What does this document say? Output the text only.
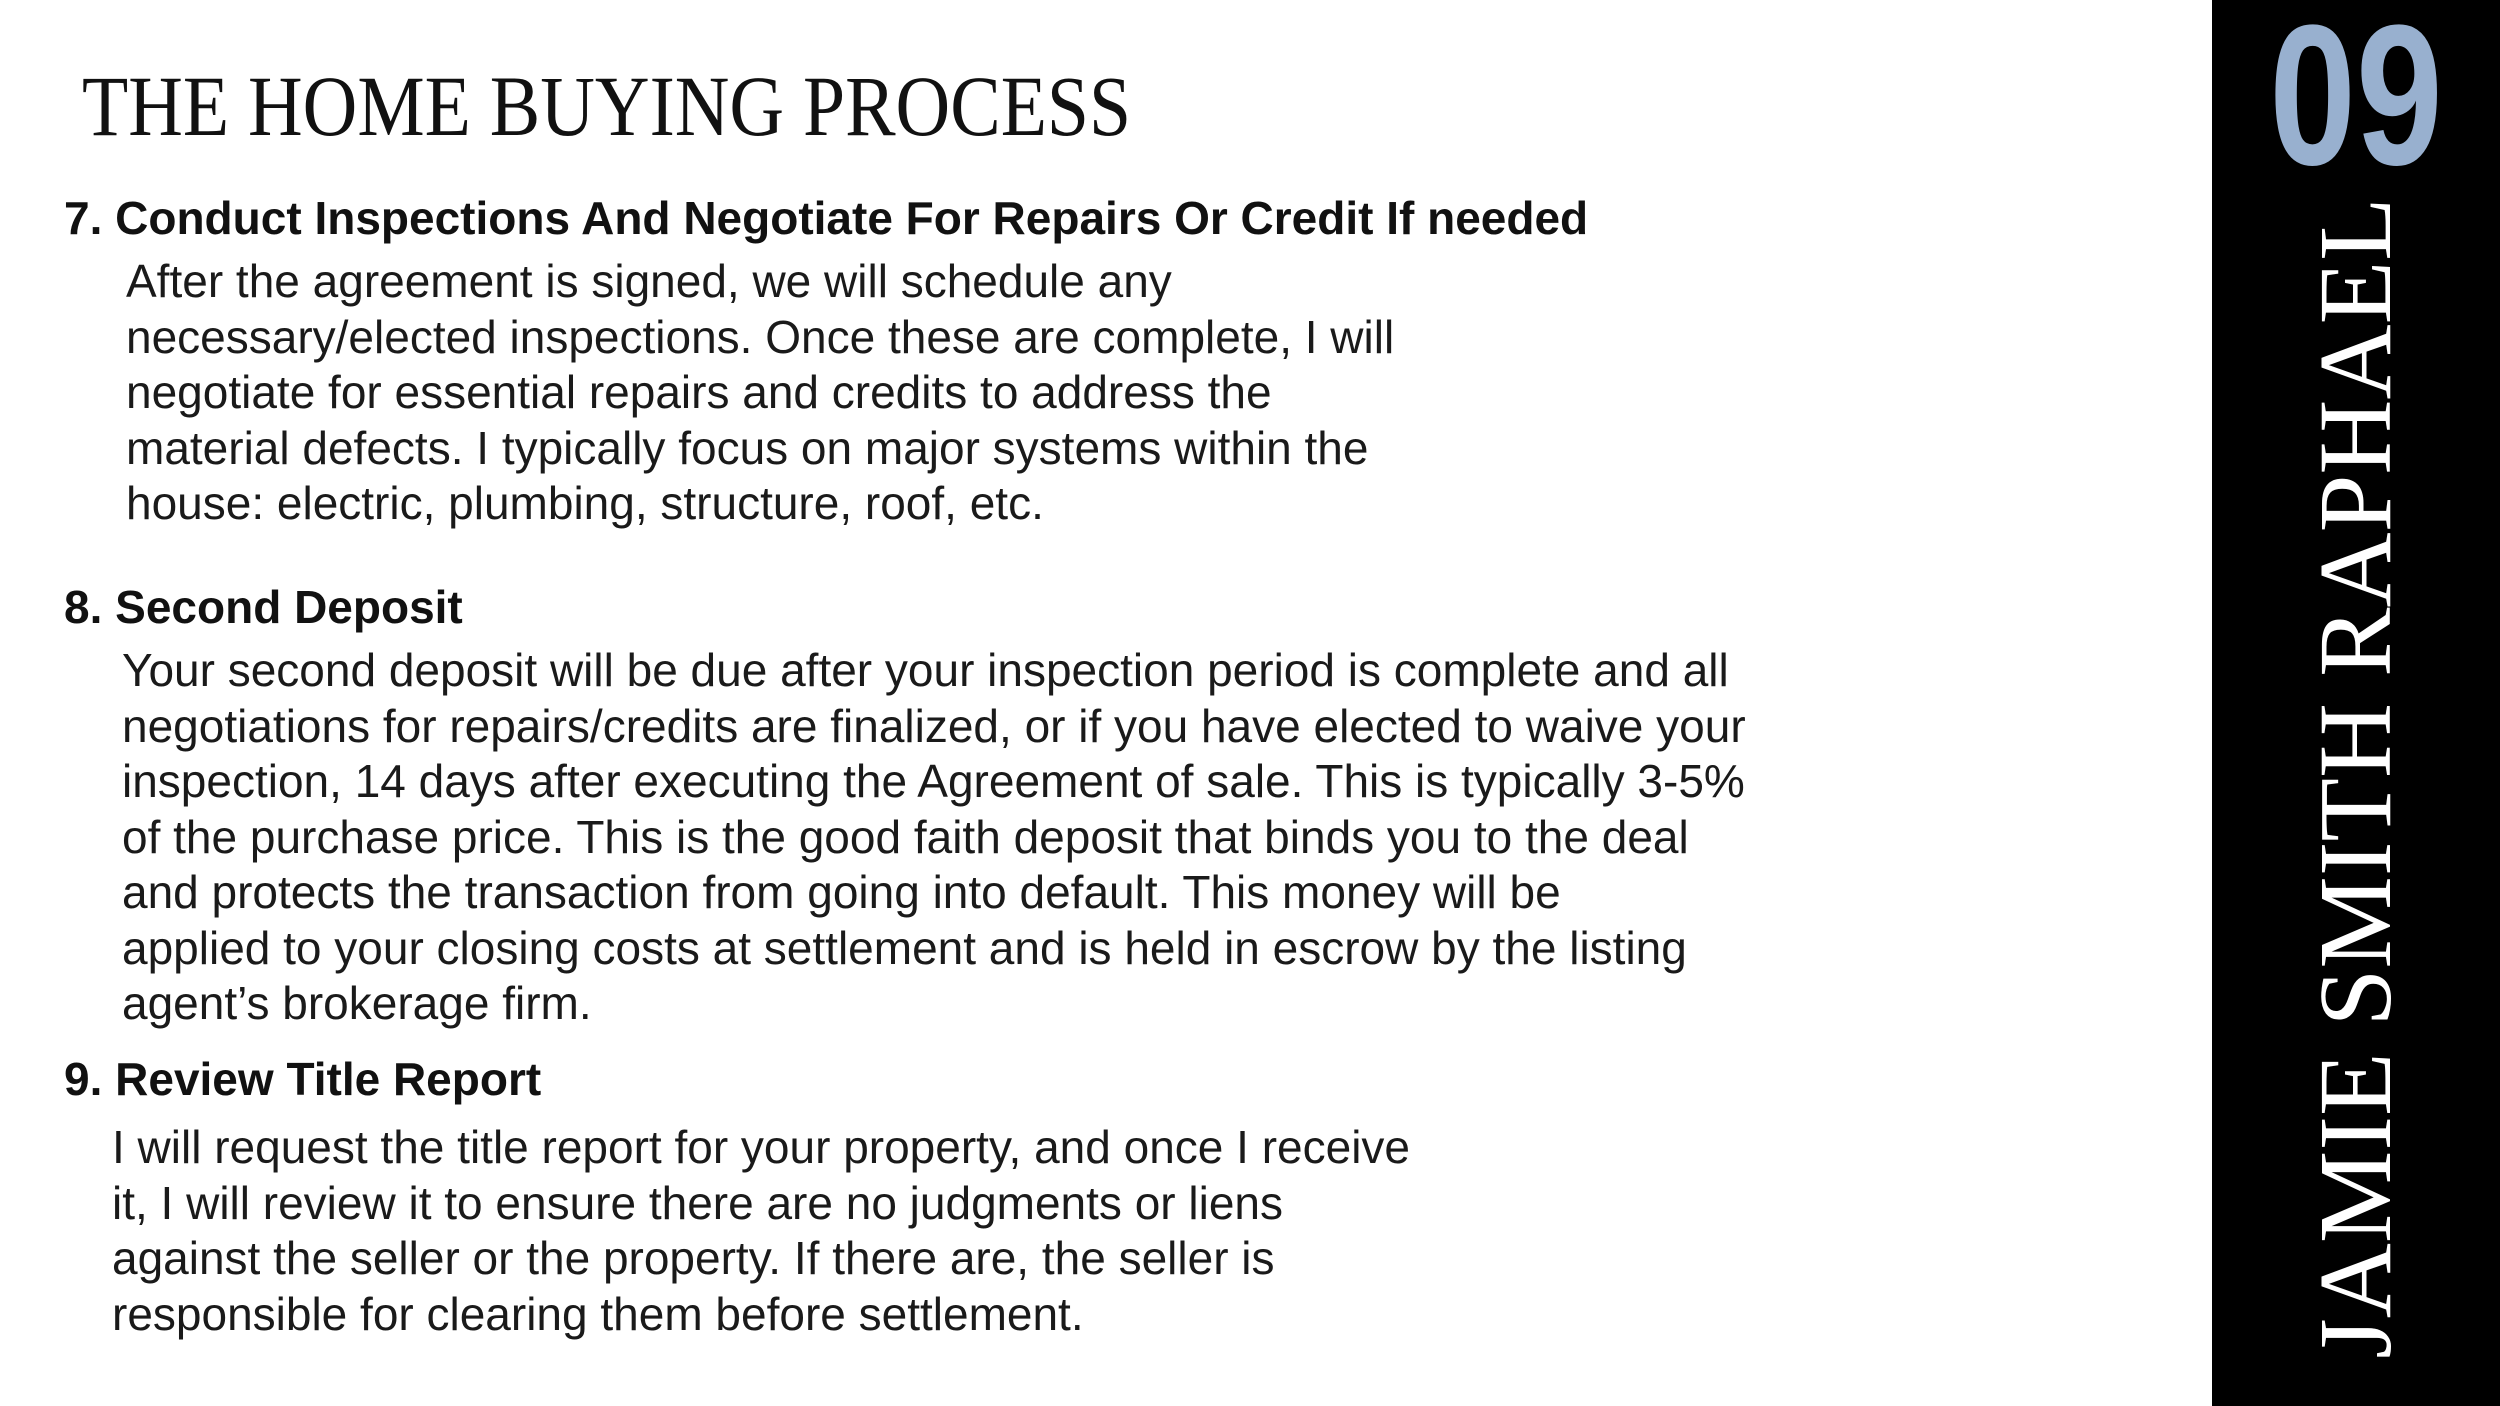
THE HOME BUYING PROCESS
7. Conduct Inspections And Negotiate For Repairs Or Credit If needed
After the agreement is signed, we will schedule any
necessary/elected inspections. Once these are complete, I will
negotiate for essential repairs and credits to address the
material defects. I typically focus on major systems within the
house: electric, plumbing, structure, roof, etc.
8. Second Deposit
Your second deposit will be due after your inspection period is complete and all
negotiations for repairs/credits are finalized, or if you have elected to waive your
inspection, 14 days after executing the Agreement of sale. This is typically 3-5%
of the purchase price. This is the good faith deposit that binds you to the deal
and protects the transaction from going into default. This money will be
applied to your closing costs at settlement and is held in escrow by the listing
agent’s brokerage firm.
9. Review Title Report
I will request the title report for your property, and once I receive
it, I will review it to ensure there are no judgments or liens
against the seller or the property. If there are, the seller is
responsible for clearing them before settlement.
09
JAMIE SMITH RAPHAEL
